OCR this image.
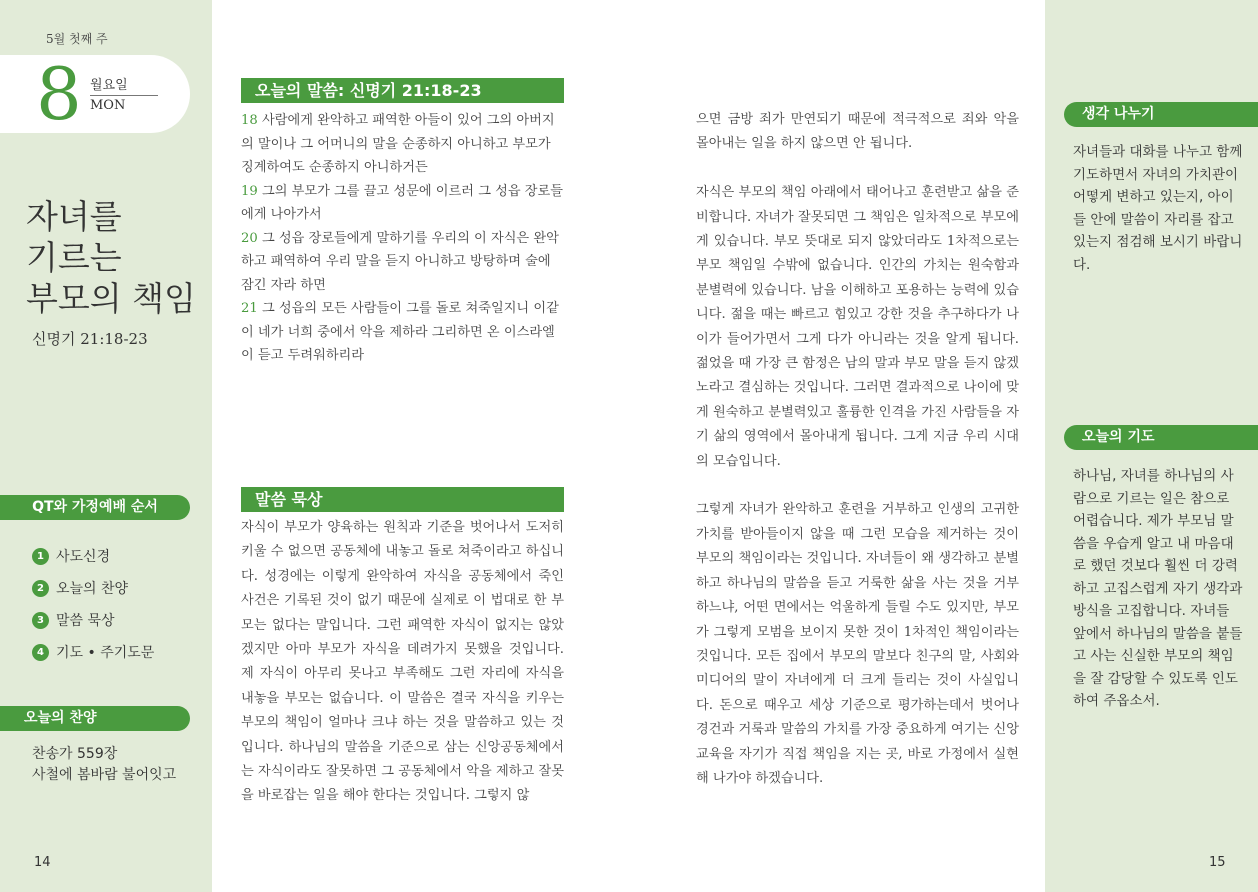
5월 첫째 주
8 월요일
MON
자녀를
기르는
부모의 책임
신명기 21:18-23
QT와 가정예배 순서
1 사도신경
2 오늘의 찬양
3 말씀 묵상
4 기도 • 주기도문
오늘의 찬양
찬송가 559장
사철에 봄바람 불어잇고
14
오늘의 말씀: 신명기 21:18-23
18 사람에게 완악하고 패역한 아들이 있어 그의 아버지의 말이나 그 어머니의 말을 순종하지 아니하고 부모가 징계하여도 순종하지 아니하거든
19 그의 부모가 그를 끌고 성문에 이르러 그 성읍 장로들에게 나아가서
20 그 성읍 장로들에게 말하기를 우리의 이 자식은 완악하고 패역하여 우리 말을 듣지 아니하고 방탕하며 술에 잠긴 자라 하면
21 그 성읍의 모든 사람들이 그를 돌로 쳐죽일지니 이같이 네가 너희 중에서 악을 제하라 그리하면 온 이스라엘이 듣고 두려워하리라
말씀 묵상
자식이 부모가 양육하는 원칙과 기준을 벗어나서 도저히 키울 수 없으면 공동체에 내놓고 돌로 쳐죽이라고 하십니다. 성경에는 이렇게 완악하여 자식을 공동체에서 죽인 사건은 기록된 것이 없기 때문에 실제로 이 법대로 한 부모는 없다는 말입니다. 그런 패역한 자식이 없지는 않았겠지만 아마 부모가 자식을 데려가지 못했을 것입니다. 제 자식이 아무리 못나고 부족해도 그런 자리에 자식을 내놓을 부모는 없습니다. 이 말씀은 결국 자식을 키우는 부모의 책임이 얼마나 크냐 하는 것을 말씀하고 있는 것입니다. 하나님의 말씀을 기준으로 삼는 신앙공동체에서는 자식이라도 잘못하면 그 공동체에서 악을 제하고 잘못을 바로잡는 일을 해야 한다는 것입니다. 그렇지 않

으면 금방 죄가 만연되기 때문에 적극적으로 죄와 악을 몰아내는 일을 하지 않으면 안 됩니다.

자식은 부모의 책임 아래에서 태어나고 훈련받고 삶을 준비합니다. 자녀가 잘못되면 그 책임은 일차적으로 부모에게 있습니다. 부모 뜻대로 되지 않았더라도 1차적으로는 부모 책임일 수밖에 없습니다. 인간의 가치는 원숙함과 분별력에 있습니다. 남을 이해하고 포용하는 능력에 있습니다. 젊을 때는 빠르고 힘있고 강한 것을 추구하다가 나이가 들어가면서 그게 다가 아니라는 것을 알게 됩니다. 젊었을 때 가장 큰 함정은 남의 말과 부모 말을 듣지 않겠노라고 결심하는 것입니다. 그러면 결과적으로 나이에 맞게 원숙하고 분별력있고 훌륭한 인격을 가진 사람들을 자기 삶의 영역에서 몰아내게 됩니다. 그게 지금 우리 시대의 모습입니다.

그렇게 자녀가 완악하고 훈련을 거부하고 인생의 고귀한 가치를 받아들이지 않을 때 그런 모습을 제거하는 것이 부모의 책임이라는 것입니다. 자녀들이 왜 생각하고 분별하고 하나님의 말씀을 듣고 거룩한 삶을 사는 것을 거부하느냐, 어떤 면에서는 억울하게 들릴 수도 있지만, 부모가 그렇게 모범을 보이지 못한 것이 1차적인 책임이라는 것입니다. 모든 집에서 부모의 말보다 친구의 말, 사회와 미디어의 말이 자녀에게 더 크게 들리는 것이 사실입니다. 돈으로 때우고 세상 기준으로 평가하는데서 벗어나 경건과 거룩과 말씀의 가치를 가장 중요하게 여기는 신앙교육을 자기가 직접 책임을 지는 곳, 바로 가정에서 실현해 나가야 하겠습니다.

생각 나누기
자녀들과 대화를 나누고 함께 기도하면서 자녀의 가치관이 어떻게 변하고 있는지, 아이들 안에 말씀이 자리를 잡고 있는지 점검해 보시기 바랍니다.
오늘의 기도
하나님, 자녀를 하나님의 사람으로 기르는 일은 참으로 어렵습니다. 제가 부모님 말씀을 우습게 알고 내 마음대로 했던 것보다 훨씬 더 강력하고 고집스럽게 자기 생각과 방식을 고집합니다. 자녀들 앞에서 하나님의 말씀을 붙들고 사는 신실한 부모의 책임을 잘 감당할 수 있도록 인도하여 주옵소서.
15
